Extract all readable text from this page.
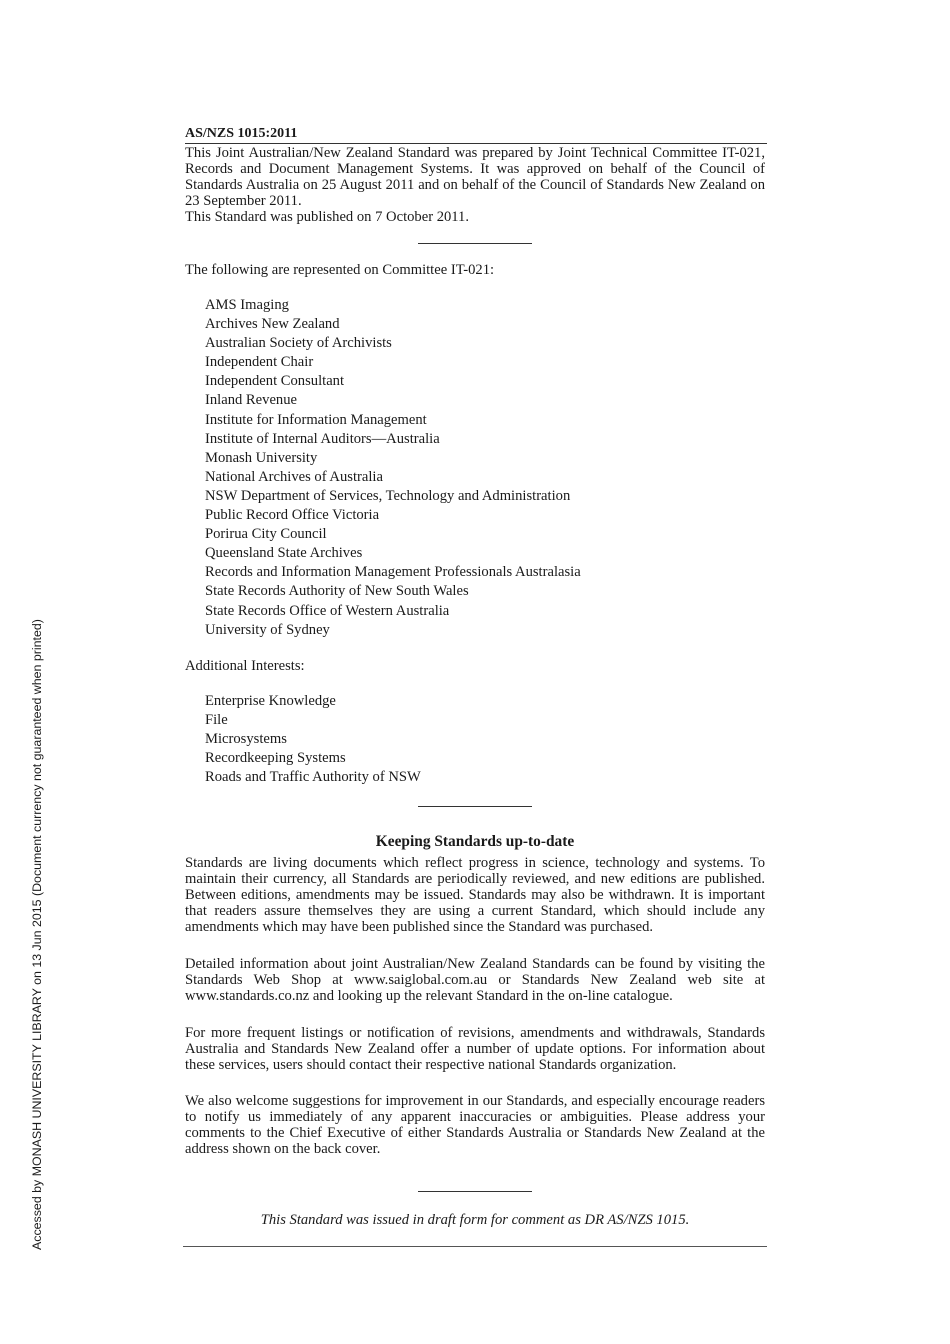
Accessed by MONASH UNIVERSITY LIBRARY on 13 Jun 2015 (Document currency not guaranteed when printed)
AS/NZS 1015:2011

This Joint Australian/New Zealand Standard was prepared by Joint Technical Committee IT-021, Records and Document Management Systems. It was approved on behalf of the Council of Standards Australia on 25 August 2011 and on behalf of the Council of Standards New Zealand on 23 September 2011.

This Standard was published on 7 October 2011.

The following are represented on Committee IT-021:

AMS Imaging
Archives New Zealand
Australian Society of Archivists
Independent Chair
Independent Consultant
Inland Revenue
Institute for Information Management
Institute of Internal Auditors—Australia
Monash University
National Archives of Australia
NSW Department of Services, Technology and Administration
Public Record Office Victoria
Porirua City Council
Queensland State Archives
Records and Information Management Professionals Australasia
State Records Authority of New South Wales
State Records Office of Western Australia
University of Sydney

Additional Interests:

Enterprise Knowledge
File
Microsystems
Recordkeeping Systems
Roads and Traffic Authority of NSW
Keeping Standards up-to-date

Standards are living documents which reflect progress in science, technology and systems. To maintain their currency, all Standards are periodically reviewed, and new editions are published. Between editions, amendments may be issued. Standards may also be withdrawn. It is important that readers assure themselves they are using a current Standard, which should include any amendments which may have been published since the Standard was purchased.

Detailed information about joint Australian/New Zealand Standards can be found by visiting the Standards Web Shop at www.saiglobal.com.au or Standards New Zealand web site at www.standards.co.nz and looking up the relevant Standard in the on-line catalogue.

For more frequent listings or notification of revisions, amendments and withdrawals, Standards Australia and Standards New Zealand offer a number of update options. For information about these services, users should contact their respective national Standards organization.

We also welcome suggestions for improvement in our Standards, and especially encourage readers to notify us immediately of any apparent inaccuracies or ambiguities. Please address your comments to the Chief Executive of either Standards Australia or Standards New Zealand at the address shown on the back cover.

This Standard was issued in draft form for comment as DR AS/NZS 1015.
